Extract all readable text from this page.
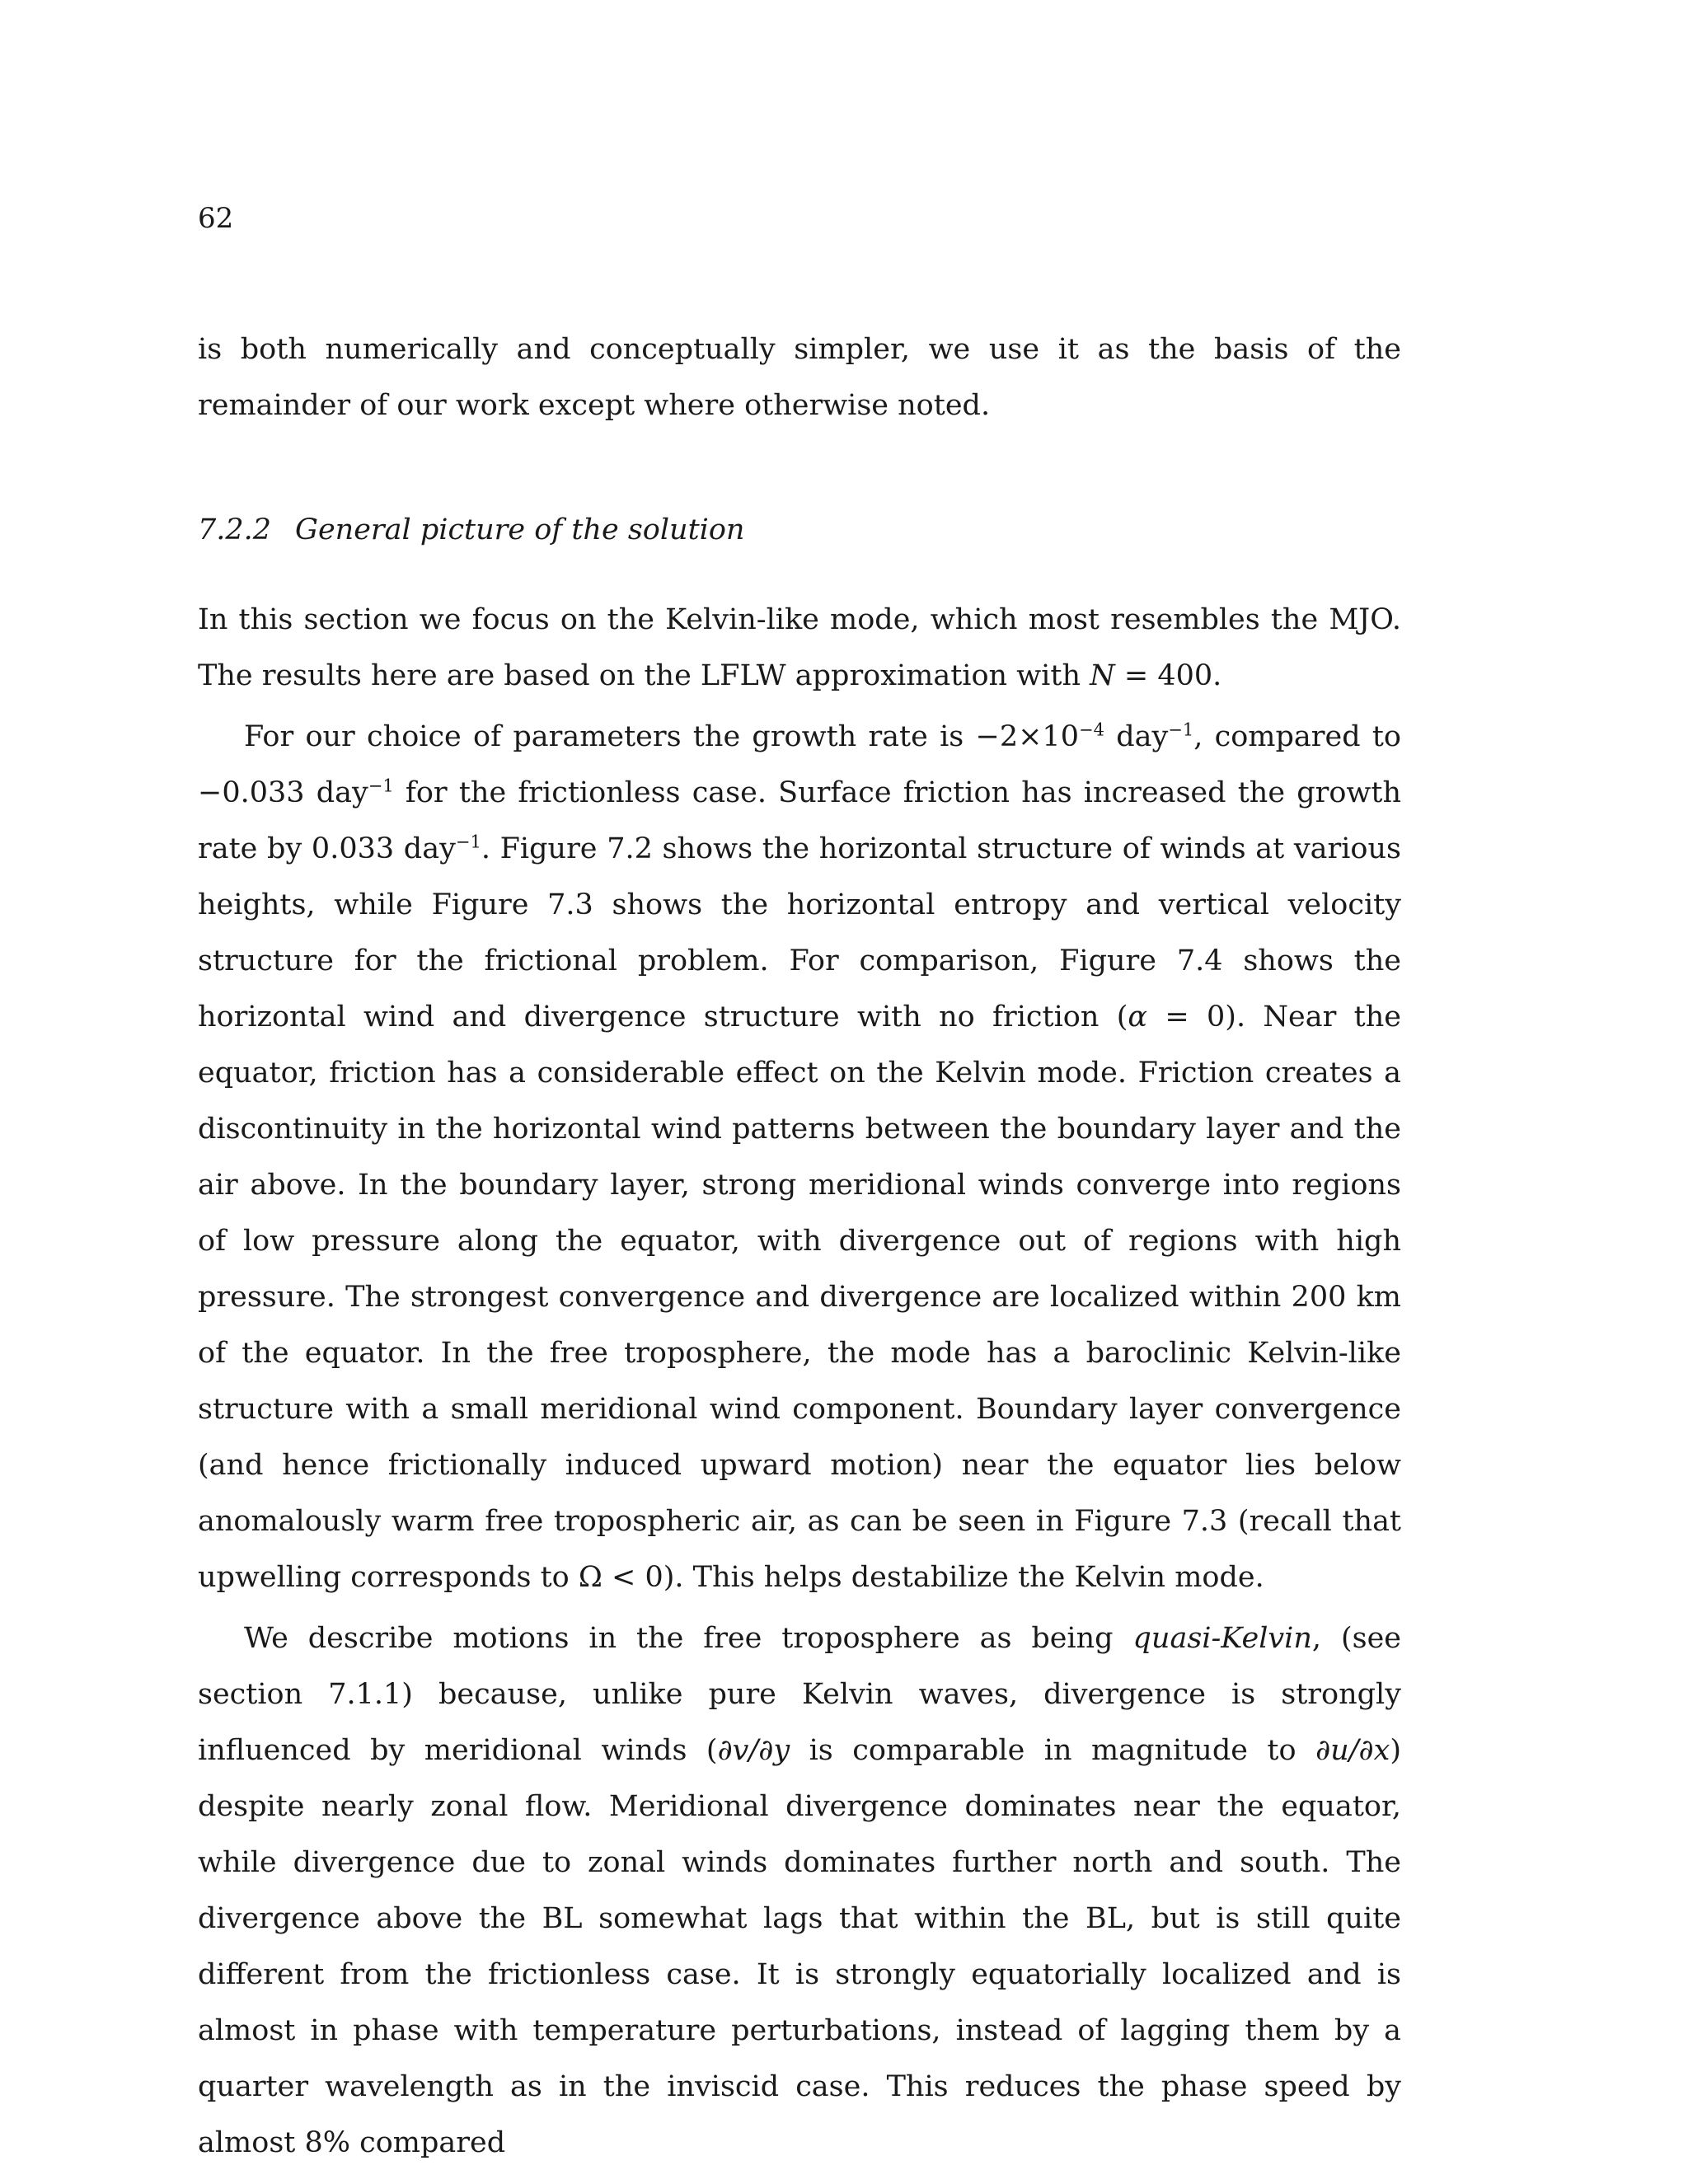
62

is both numerically and conceptually simpler, we use it as the basis of the remainder of our work except where otherwise noted.

7.2.2 General picture of the solution

In this section we focus on the Kelvin-like mode, which most resembles the MJO. The results here are based on the LFLW approximation with N = 400.

For our choice of parameters the growth rate is $-2\times 10^{-4}$ day$^{-1}$, compared to −0.033 day$^{-1}$ for the frictionless case. Surface friction has increased the growth rate by 0.033 day$^{-1}$. Figure 7.2 shows the horizontal structure of winds at various heights, while Figure 7.3 shows the horizontal entropy and vertical velocity structure for the frictional problem. For comparison, Figure 7.4 shows the horizontal wind and divergence structure with no friction (α = 0). Near the equator, friction has a considerable effect on the Kelvin mode. Friction creates a discontinuity in the horizontal wind patterns between the boundary layer and the air above. In the boundary layer, strong meridional winds converge into regions of low pressure along the equator, with divergence out of regions with high pressure. The strongest convergence and divergence are localized within 200 km of the equator. In the free troposphere, the mode has a baroclinic Kelvin-like structure with a small meridional wind component. Boundary layer convergence (and hence frictionally induced upward motion) near the equator lies below anomalously warm free tropospheric air, as can be seen in Figure 7.3 (recall that upwelling corresponds to Ω < 0). This helps destabilize the Kelvin mode.

We describe motions in the free troposphere as being quasi-Kelvin, (see section 7.1.1) because, unlike pure Kelvin waves, divergence is strongly influenced by meridional winds (∂v/∂y is comparable in magnitude to ∂u/∂x) despite nearly zonal flow. Meridional divergence dominates near the equator, while divergence due to zonal winds dominates further north and south. The divergence above the BL somewhat lags that within the BL, but is still quite different from the frictionless case. It is strongly equatorially localized and is almost in phase with temperature perturbations, instead of lagging them by a quarter wavelength as in the inviscid case. This reduces the phase speed by almost 8% compared
